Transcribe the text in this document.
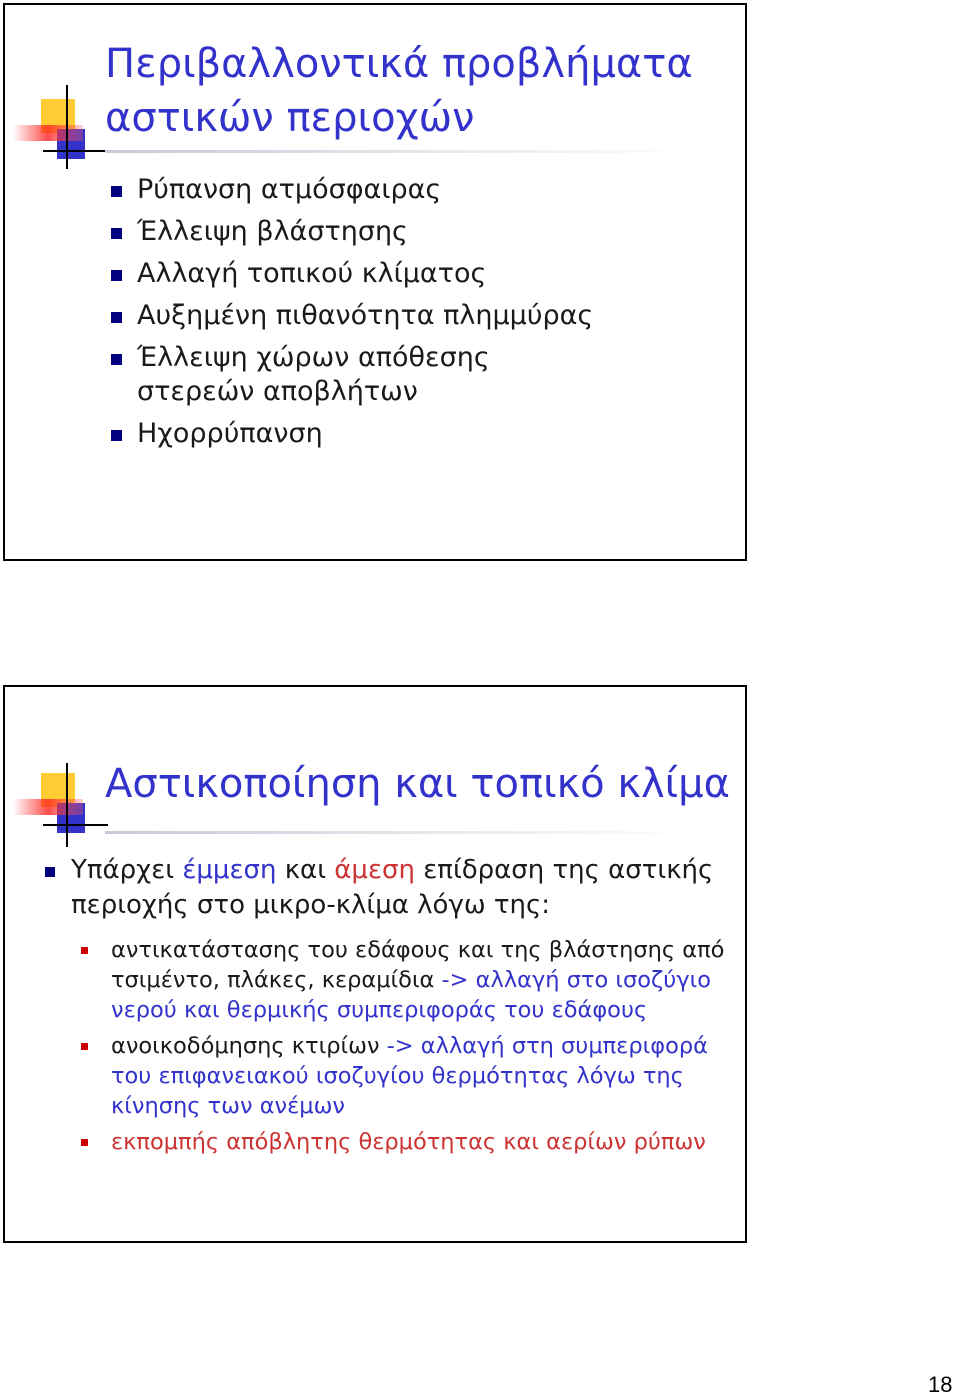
Περιβαλλοντικά προβλήματα
αστικών περιοχών
Ρύπανση ατμόσφαιρας
Έλλειψη βλάστησης
Αλλαγή τοπικού κλίματος
Αυξημένη πιθανότητα πλημμύρας
Έλλειψη χώρων απόθεσης στερεών αποβλήτων
Ηχορρύπανση
Αστικοποίηση και τοπικό κλίμα
Υπάρχει έμμεση και άμεση επίδραση της αστικής περιοχής στο μικρο-κλίμα λόγω της:
αντικατάστασης του εδάφους και της βλάστησης από τσιμέντο, πλάκες, κεραμίδια -> αλλαγή στο ισοζύγιο νερού και θερμικής συμπεριφοράς του εδάφους
ανοικοδόμησης κτιρίων -> αλλαγή στη συμπεριφορά του επιφανειακού ισοζυγίου θερμότητας λόγω της κίνησης των ανέμων
εκπομπής απόβλητης θερμότητας και αερίων ρύπων
18
